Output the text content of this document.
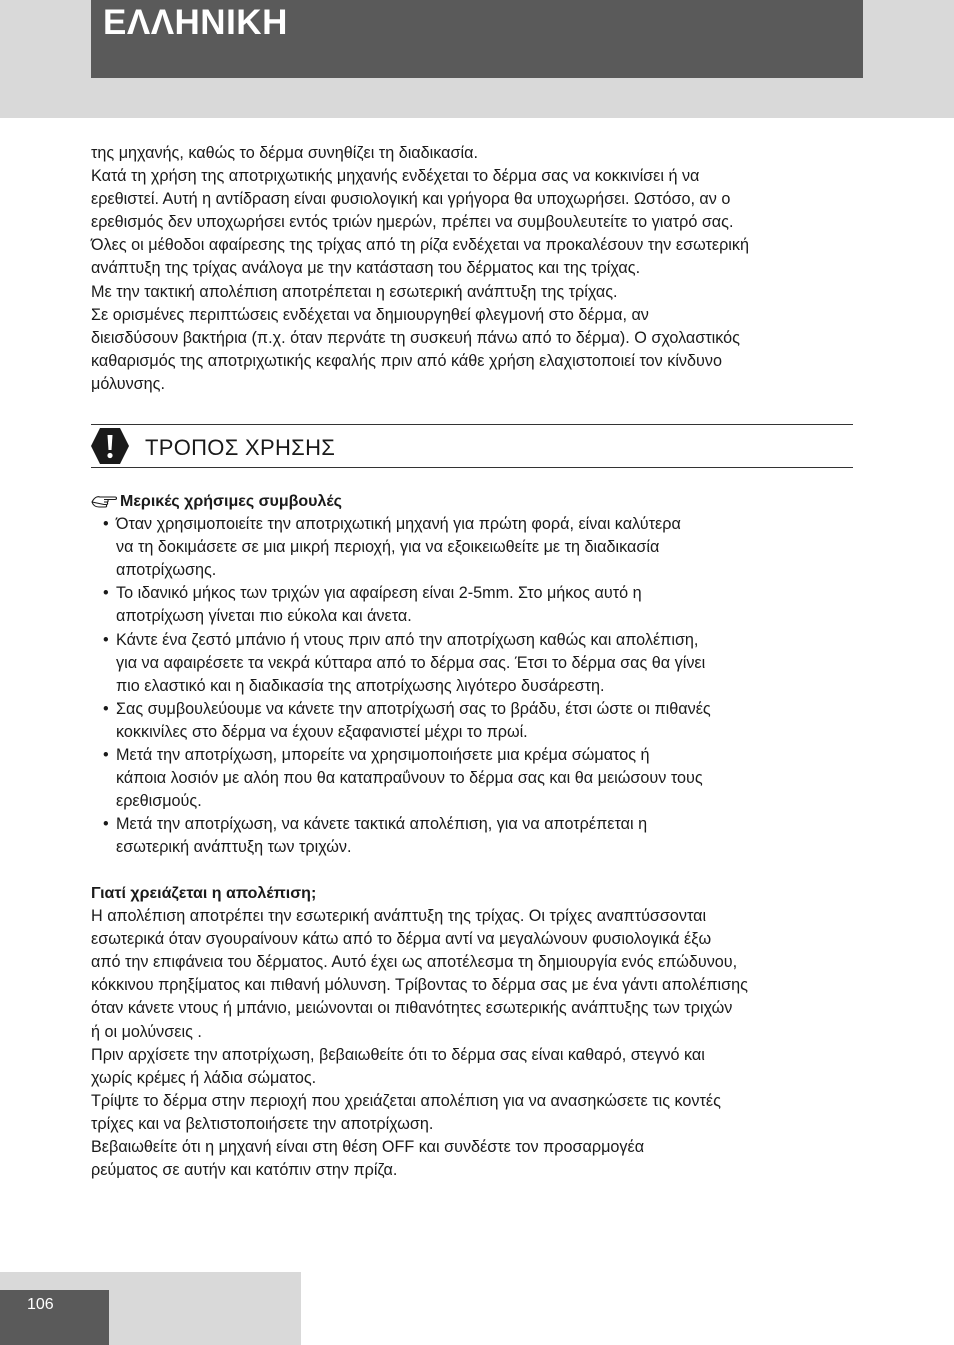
ΕΛΛΗΝΙΚΗ

της μηχανής, καθώς το δέρμα συνηθίζει τη διαδικασία.

Κατά τη χρήση της αποτριχωτικής μηχανής ενδέχεται το δέρμα σας να κοκκινίσει ή να

ερεθιστεί. Αυτή η αντίδραση είναι φυσιολογική και γρήγορα θα υποχωρήσει. Ωστόσο, αν ο

ερεθισμός δεν υποχωρήσει εντός τριών ημερών, πρέπει να συμβουλευτείτε το γιατρό σας.

Όλες οι μέθοδοι αφαίρεσης της τρίχας από τη ρίζα ενδέχεται να προκαλέσουν την εσωτερική

ανάπτυξη της τρίχας ανάλογα με την κατάσταση του δέρματος και της τρίχας.

Με την τακτική απολέπιση αποτρέπεται η εσωτερική ανάπτυξη της τρίχας.

Σε ορισμένες περιπτώσεις ενδέχεται να δημιουργηθεί φλεγμονή στο δέρμα, αν

διεισδύσουν βακτήρια (π.χ. όταν περνάτε τη συσκευή πάνω από το δέρμα). Ο σχολαστικός

καθαρισμός της αποτριχωτικής κεφαλής πριν από κάθε χρήση ελαχιστοποιεί τον κίνδυνο

μόλυνσης.

ΤΡΟΠΟΣ ΧΡΗΣΗΣ
Μερικές χρήσιμες συμβουλές
• Όταν χρησιμοποιείτε την αποτριχωτική μηχανή για πρώτη φορά, είναι καλύτερα
να τη δοκιμάσετε σε μια μικρή περιοχή, για να εξοικειωθείτε με τη διαδικασία
αποτρίχωσης.
• Το ιδανικό μήκος των τριχών για αφαίρεση είναι 2-5mm. Στο μήκος αυτό η
αποτρίχωση γίνεται πιο εύκολα και άνετα.
• Κάντε ένα ζεστό μπάνιο ή ντους πριν από την αποτρίχωση καθώς και απολέπιση,
για να αφαιρέσετε τα νεκρά κύτταρα από το δέρμα σας. Έτσι το δέρμα σας θα γίνει
πιο ελαστικό και η διαδικασία της αποτρίχωσης λιγότερο δυσάρεστη.
• Σας συμβουλεύουμε να κάνετε την αποτρίχωσή σας το βράδυ, έτσι ώστε οι πιθανές
κοκκινίλες στο δέρμα να έχουν εξαφανιστεί μέχρι το πρωί.
• Μετά την αποτρίχωση, μπορείτε να χρησιμοποιήσετε μια κρέμα σώματος ή
κάποια λοσιόν με αλόη που θα καταπραΰνουν το δέρμα σας και θα μειώσουν τους
ερεθισμούς.
• Μετά την αποτρίχωση, να κάνετε τακτικά απολέπιση, για να αποτρέπεται η
εσωτερική ανάπτυξη των τριχών.

Γιατί χρειάζεται η απολέπιση;

Η απολέπιση αποτρέπει την εσωτερική ανάπτυξη της τρίχας. Οι τρίχες αναπτύσσονται

εσωτερικά όταν σγουραίνουν κάτω από το δέρμα αντί να μεγαλώνουν φυσιολογικά έξω

από την επιφάνεια του δέρματος. Αυτό έχει ως αποτέλεσμα τη δημιουργία ενός επώδυνου,

κόκκινου πρηξίματος και πιθανή μόλυνση. Τρίβοντας το δέρμα σας με ένα γάντι απολέπισης

όταν κάνετε ντους ή μπάνιο, μειώνονται οι πιθανότητες εσωτερικής ανάπτυξης των τριχών

ή οι μολύνσεις .

Πριν αρχίσετε την αποτρίχωση, βεβαιωθείτε ότι το δέρμα σας είναι καθαρό, στεγνό και

χωρίς κρέμες ή λάδια σώματος.

Τρίψτε το δέρμα στην περιοχή που χρειάζεται απολέπιση για να ανασηκώσετε τις κοντές

τρίχες και να βελτιστοποιήσετε την αποτρίχωση.

Βεβαιωθείτε ότι η μηχανή είναι στη θέση OFF και συνδέστε τον προσαρμογέα

ρεύματος σε αυτήν και κατόπιν στην πρίζα.

106
